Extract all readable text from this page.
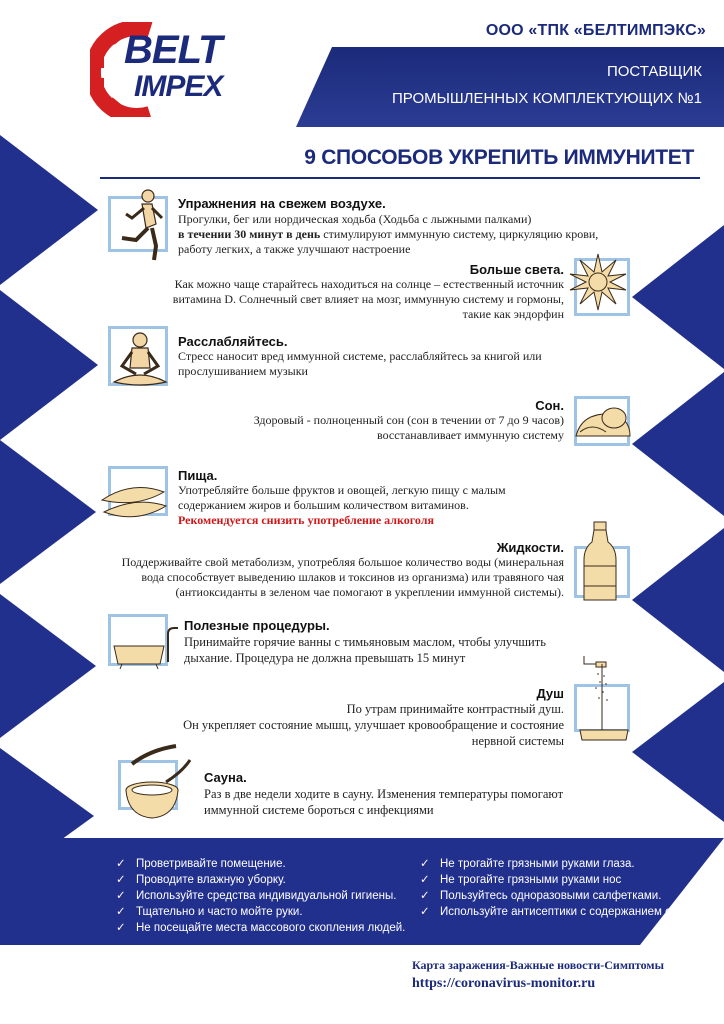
BELT
IMPEX
ООО «ТПК «БЕЛТИМПЭКС»
ПОСТАВЩИК
ПРОМЫШЛЕННЫХ КОМПЛЕКТУЮЩИХ №1
9 СПОСОБОВ УКРЕПИТЬ ИММУНИТЕТ
Упражнения на свежем воздухе.
Прогулки, бег или нордическая ходьба (Ходьба с лыжными палками)
в течении 30 минут в день стимулируют иммунную систему, циркуляцию крови,
работу легких, а также улучшают настроение
Больше света.
Как можно чаще старайтесь находиться на солнце – естественный источник
витамина D. Солнечный свет влияет на мозг, иммунную систему и гормоны,
такие как эндорфин
Расслабляйтесь.
Стресс наносит вред иммунной системе, расслабляйтесь за книгой или
прослушиванием музыки
Сон.
Здоровый - полноценный сон (сон в течении от 7 до 9 часов)
восстанавливает иммунную систему
Пища.
Употребляйте больше фруктов и овощей, легкую пищу с малым
содержанием жиров и большим количеством витаминов.
Рекомендуется снизить употребление алкоголя
Жидкости.
Поддерживайте свой метаболизм, употребляя большое количество воды (минеральная
вода способствует выведению шлаков и токсинов из организма) или травяного чая
(антиоксиданты в зеленом чае помогают в укреплении иммунной системы).
Полезные процедуры.
Принимайте горячие ванны с тимьяновым маслом, чтобы улучшить
дыхание. Процедура не должна превышать 15 минут
Душ
По утрам принимайте контрастный душ.
Он укрепляет состояние мышц, улучшает кровообращение и состояние
нервной системы
Сауна.
Раз в две недели ходите в сауну. Изменения температуры помогают
иммунной системе бороться с инфекциями
✓ Проветривайте помещение.
✓ Проводите влажную уборку.
✓ Используйте средства индивидуальной гигиены.
✓ Тщательно и часто мойте руки.
✓ Не посещайте места массового скопления людей.
✓ Не трогайте грязными руками глаза.
✓ Не трогайте грязными руками нос
✓ Пользуйтесь одноразовыми салфетками.
✓ Используйте антисептики с содержанием спирта.
Карта заражения-Важные новости-Симптомы
https://coronavirus-monitor.ru
